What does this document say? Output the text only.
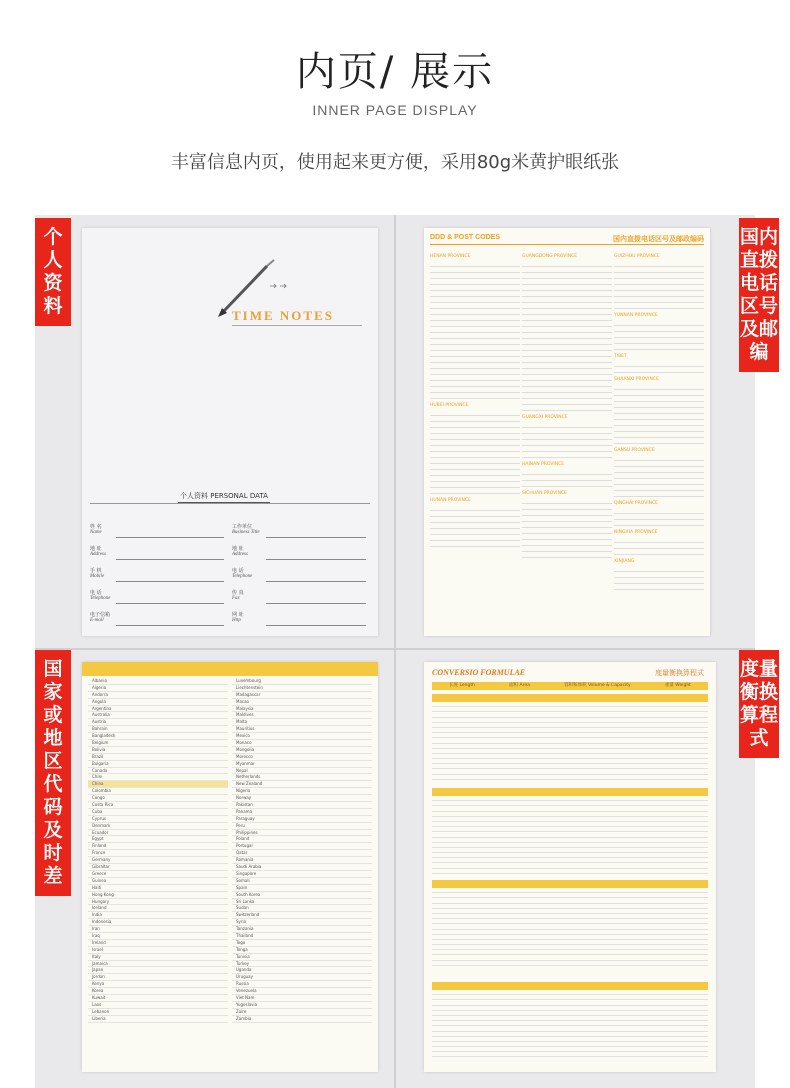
内页/ 展示
INNER PAGE DISPLAY
丰富信息内页，使用起来更方便，采用80g米黄护眼纸张
个人资料
国内直拨电话区号及邮编
国家或地区代码及时差
度量衡换算程式
TIME NOTES
个人资料 PERSONAL DATA
姓 名
Name
地 址
Address
手 机
Mobile
电 话
Telephone
电子信箱
E-mail
工作单位
Business Title
地 址
Address
电 话
Telephone
传 真
Fax
网 址
Http
DDD & POST CODES	国内直拨电话区号及邮政编码
HENAN PROVINCE
HUBEI PROVINCE
HUNAN PROVINCE
GUANGDONG PROVINCE
GUANGXI PROVINCE
HAINAN PROVINCE
SICHUAN PROVINCE
GUIZHOU PROVINCE
YUNNAN PROVINCE
TIBET
SHAANXI PROVINCE
GANSU PROVINCE
QINGHAI PROVINCE
NINGXIA PROVINCE
XINJIANG
Albania
Algeria
Andorra
Angola
Argentina
Australia
Austria
Bahrain
Bangladesh
Belgium
Bolivia
Brazil
Bulgaria
Canada
Chile
China
Colombia
Congo
Costa Rica
Cuba
Cyprus
Denmark
Ecuador
Egypt
Finland
France
Germany
Gibraltar
Greece
Guinea
Haiti
Hong Kong
Hungary
Iceland
India
Indonesia
Iran
Iraq
Ireland
Israel
Italy
Jamaica
Japan
Jordan
Kenya
Korea
Kuwait
Laos
Lebanon
Liberia
Luxembourg
Liechtenstein
Madagascar
Macao
Malaysia
Maldives
Malta
Mauritius
Mexico
Monaco
Mongolia
Morocco
Myanmar
Nepal
Netherlands
New Zealand
Nigeria
Norway
Pakistan
Panama
Paraguay
Peru
Philippines
Poland
Portugal
Qatar
Romania
Saudi Arabia
Singapore
Somali
Spain
South Korea
Sri Lanka
Sudan
Switzerland
Syria
Tanzania
Thailand
Togo
Tonga
Tunisia
Turkey
Uganda
Uruguay
Russia
Venezuela
Viet Nam
Yugoslavia
Zaire
Zambia
CONVERSIO FORMULAE	度量衡换算程式
长度 Length	面积 Area	容积和体积 Volume & Capacity	重量 Weight
